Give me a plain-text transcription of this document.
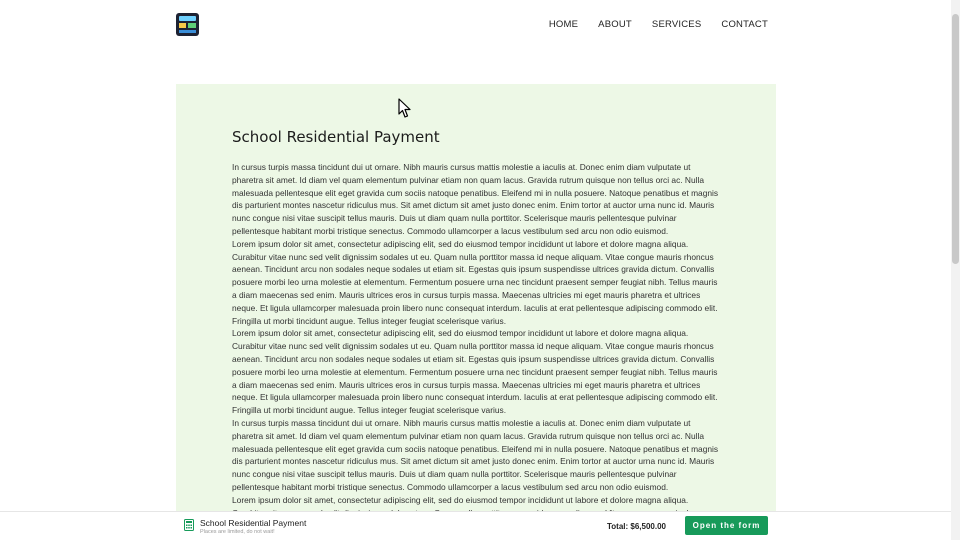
HOME ABOUT SERVICES CONTACT
School Residential Payment

In cursus turpis massa tincidunt dui ut ornare. Nibh mauris cursus mattis molestie a iaculis at. Donec enim diam vulputate ut pharetra sit amet. Id diam vel quam elementum pulvinar etiam non quam lacus. Gravida rutrum quisque non tellus orci ac. Nulla malesuada pellentesque elit eget gravida cum sociis natoque penatibus. Eleifend mi in nulla posuere. Natoque penatibus et magnis dis parturient montes nascetur ridiculus mus. Sit amet dictum sit amet justo donec enim. Enim tortor at auctor urna nunc id. Mauris nunc congue nisi vitae suscipit tellus mauris. Duis ut diam quam nulla porttitor. Scelerisque mauris pellentesque pulvinar pellentesque habitant morbi tristique senectus. Commodo ullamcorper a lacus vestibulum sed arcu non odio euismod.

Lorem ipsum dolor sit amet, consectetur adipiscing elit, sed do eiusmod tempor incididunt ut labore et dolore magna aliqua. Curabitur vitae nunc sed velit dignissim sodales ut eu. Quam nulla porttitor massa id neque aliquam. Vitae congue mauris rhoncus aenean. Tincidunt arcu non sodales neque sodales ut etiam sit. Egestas quis ipsum suspendisse ultrices gravida dictum. Convallis posuere morbi leo urna molestie at elementum. Fermentum posuere urna nec tincidunt praesent semper feugiat nibh. Tellus mauris a diam maecenas sed enim. Mauris ultrices eros in cursus turpis massa. Maecenas ultricies mi eget mauris pharetra et ultrices neque. Et ligula ullamcorper malesuada proin libero nunc consequat interdum. Iaculis at erat pellentesque adipiscing commodo elit. Fringilla ut morbi tincidunt augue. Tellus integer feugiat scelerisque varius.

Lorem ipsum dolor sit amet, consectetur adipiscing elit, sed do eiusmod tempor incididunt ut labore et dolore magna aliqua. Curabitur vitae nunc sed velit dignissim sodales ut eu. Quam nulla porttitor massa id neque aliquam. Vitae congue mauris rhoncus aenean. Tincidunt arcu non sodales neque sodales ut etiam sit. Egestas quis ipsum suspendisse ultrices gravida dictum. Convallis posuere morbi leo urna molestie at elementum. Fermentum posuere urna nec tincidunt praesent semper feugiat nibh. Tellus mauris a diam maecenas sed enim. Mauris ultrices eros in cursus turpis massa. Maecenas ultricies mi eget mauris pharetra et ultrices neque. Et ligula ullamcorper malesuada proin libero nunc consequat interdum. Iaculis at erat pellentesque adipiscing commodo elit. Fringilla ut morbi tincidunt augue. Tellus integer feugiat scelerisque varius.

In cursus turpis massa tincidunt dui ut ornare. Nibh mauris cursus mattis molestie a iaculis at. Donec enim diam vulputate ut pharetra sit amet. Id diam vel quam elementum pulvinar etiam non quam lacus. Gravida rutrum quisque non tellus orci ac. Nulla malesuada pellentesque elit eget gravida cum sociis natoque penatibus. Eleifend mi in nulla posuere. Natoque penatibus et magnis dis parturient montes nascetur ridiculus mus. Sit amet dictum sit amet justo donec enim. Enim tortor at auctor urna nunc id. Mauris nunc congue nisi vitae suscipit tellus mauris. Duis ut diam quam nulla porttitor. Scelerisque mauris pellentesque pulvinar pellentesque habitant morbi tristique senectus. Commodo ullamcorper a lacus vestibulum sed arcu non odio euismod.

Lorem ipsum dolor sit amet, consectetur adipiscing elit, sed do eiusmod tempor incididunt ut labore et dolore magna aliqua.

School Residential Payment
Places are limited, do not wait!
Total: $6,500.00	Open the form
